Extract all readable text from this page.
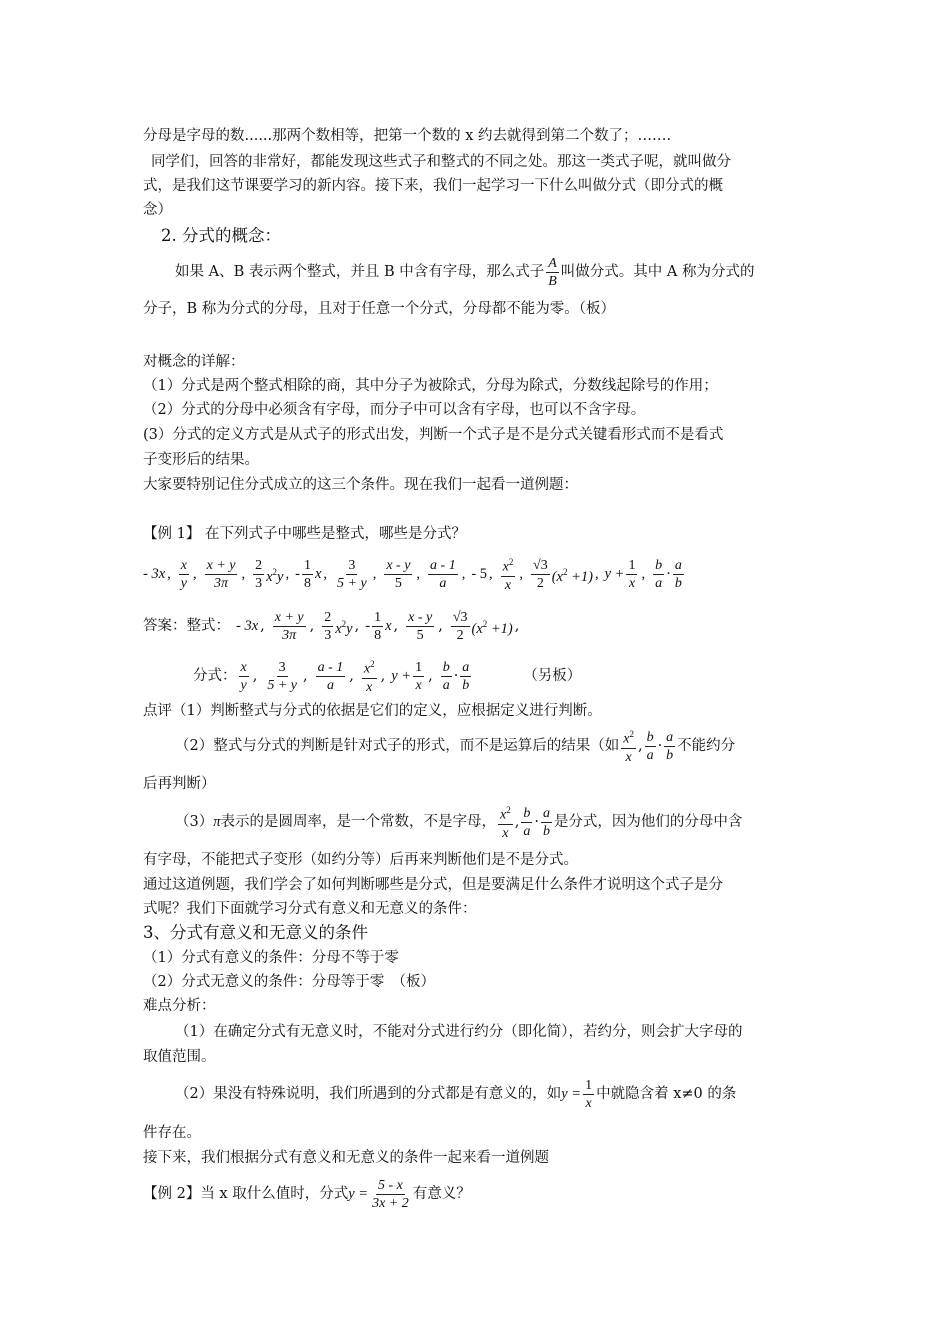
分母是字母的数......那两个数相等，把第一个数的 x 约去就得到第二个数了；…….
同学们，回答的非常好，都能发现这些式子和整式的不同之处。那这一类式子呢，就叫做分
式，是我们这节课要学习的新内容。接下来，我们一起学习一下什么叫做分式（即分式的概
念）
2. 分式的概念：
如果 A、B 表示两个整式，并且 B 中含有字母，那么式子 $\frac{A}{B}$ 叫做分式。其中 A 称为分式的
分子，B 称为分式的分母，且对于任意一个分式，分母都不能为零。（板）
对概念的详解：
（1）分式是两个整式相除的商，其中分子为被除式，分母为除式，分数线起除号的作用；
（2）分式的分母中必须含有字母，而分子中可以含有字母，也可以不含字母。
(3）分式的定义方式是从式子的形式出发，判断一个式子是不是分式关键看形式而不是看式
子变形后的结果。
大家要特别记住分式成立的这三个条件。现在我们一起看一道例题：
【例 1】 在下列式子中哪些是整式，哪些是分式？
- 3x , $\frac{x}{y}$ , $\frac{x + y}{3\pi}$ , $\frac{2}{3} x^2y$ , - $\frac{1}{8}$ x , $\frac{3}{5 + y}$ , $\frac{x - y}{5}$ , $\frac{a - 1}{a}$ , - 5 , $\frac{x^2}{x}$ , $\frac{√3}{2} (x^2 +1)$ , $y + \frac{1}{x}$ , $\frac{b}{a} \cdot \frac{a}{b}$
答案：整式： - 3x , $\frac{x + y}{3\pi}$ , $\frac{2}{3} x^2y$ , - $\frac{1}{8}$ x , $\frac{x - y}{5}$ , $\frac{√3}{2} (x^2 +1)$ ,
分式： $\frac{x}{y}$ , $\frac{3}{5 + y}$ , $\frac{a - 1}{a}$ , $\frac{x^2}{x}$ , $y + \frac{1}{x}$ , $\frac{b}{a} \cdot \frac{a}{b}$	（另板）
点评（1）判断整式与分式的依据是它们的定义，应根据定义进行判断。
（2）整式与分式的判断是针对式子的形式，而不是运算后的结果（如 $\frac{x^2}{x}$ , $\frac{b}{a} \cdot \frac{a}{b}$ 不能约分
后再判断）
（3） π 表示的是圆周率，是一个常数，不是字母， $\frac{x^2}{x}$ , $\frac{b}{a} \cdot \frac{a}{b}$ 是分式，因为他们的分母中含
有字母，不能把式子变形（如约分等）后再来判断他们是不是分式。
通过这道例题，我们学会了如何判断哪些是分式，但是要满足什么条件才说明这个式子是分
式呢？我们下面就学习分式有意义和无意义的条件：
3、分式有意义和无意义的条件
（1）分式有意义的条件：分母不等于零
（2）分式无意义的条件：分母等于零　（板）
难点分析：
（1）在确定分式有无意义时，不能对分式进行约分（即化简），若约分，则会扩大字母的
取值范围。
（2）果没有特殊说明，我们所遇到的分式都是有意义的，如 $y = \frac{1}{x}$ 中就隐含着 x≠0 的条
件存在。
接下来，我们根据分式有意义和无意义的条件一起来看一道例题
【例 2】当 x 取什么值时，分式 $y = \frac{5 - x}{3x + 2}$ 有意义？
